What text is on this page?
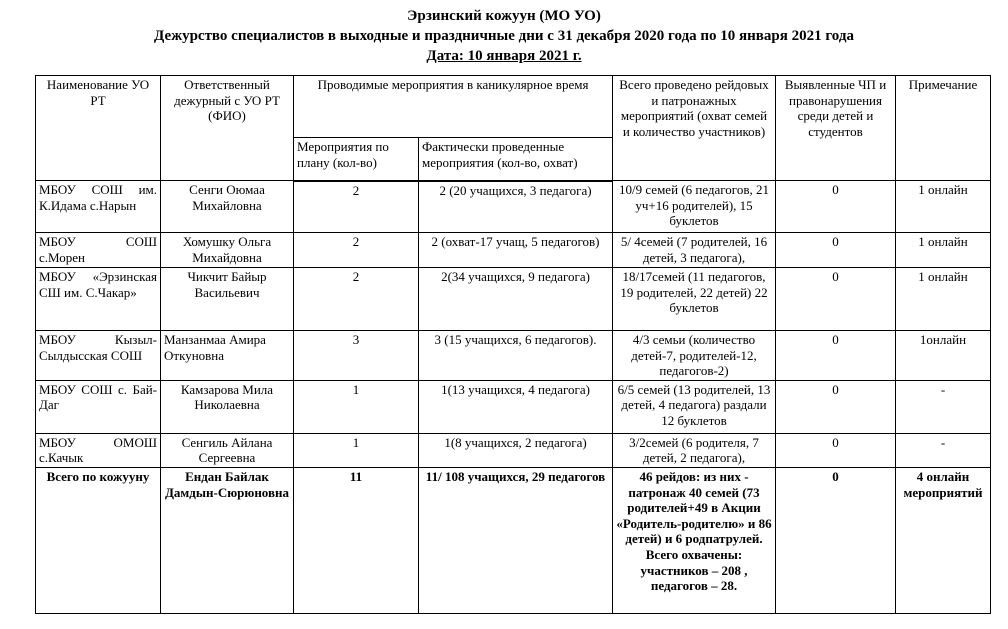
Эрзинский кожуун (МО УО)
Дежурство специалистов в выходные и праздничные дни с 31 декабря 2020 года по 10 января 2021 года
Дата: 10 января 2021 г.
Наименование УО РТ	Ответственный дежурный с УО РТ (ФИО)	Проводимые мероприятия в каникулярное время		Всего проведено рейдовых и патронажных мероприятий (охват семей и количество участников)	Выявленные ЧП и правонарушения среди детей и студентов	Примечание
		Мероприятия по плану (кол-во)	Фактически проведенные мероприятия (кол-во, охват)			
МБОУ СОШ им. К.Идама с.Нарын	Сенги Оюмаа Михайловна	2	2 (20 учащихся, 3 педагога)	10/9 семей (6 педагогов, 21 уч+16 родителей), 15 буклетов	0	1 онлайн
МБОУ СОШ с.Морен	Хомушку Ольга Михайдовна	2	2 (охват-17 учащ, 5 педагогов)	5/ 4семей (7 родителей, 16 детей, 3 педагога),	0	1 онлайн
МБОУ «Эрзинская СШ им. С.Чакар»	Чикчит Байыр Васильевич	2	2(34 учащихся, 9 педагога)	18/17семей (11 педагогов, 19 родителей, 22 детей) 22 буклетов	0	1 онлайн
МБОУ Кызыл-Сылдысская СОШ	Манзанмаа Амира Откуновна	3	3 (15 учащихся, 6 педагогов).	4/3 семьи (количество детей-7, родителей-12, педагогов-2)	0	1онлайн
МБОУ СОШ с. Бай-Даг	Камзарова Мила Николаевна	1	1(13 учащихся, 4 педагога)	6/5 семей (13 родителей, 13 детей, 4 педагога) раздали 12 буклетов	0	-
МБОУ ОМОШ с.Качык	Сенгиль Айлана Сергеевна	1	1(8 учащихся, 2 педагога)	3/2семей (6 родителя, 7 детей, 2 педагога),	0	-
Всего по кожууну	Ендан Байлак Дамдын-Сюрюновна	11	11/ 108 учащихся, 29 педагогов	46 рейдов: из них - патронаж 40 семей (73 родителей+49 в Акции «Родитель-родителю» и 86 детей) и 6 родпатрулей. Всего охвачены: участников – 208 , педагогов – 28.	0	4 онлайн мероприятий
